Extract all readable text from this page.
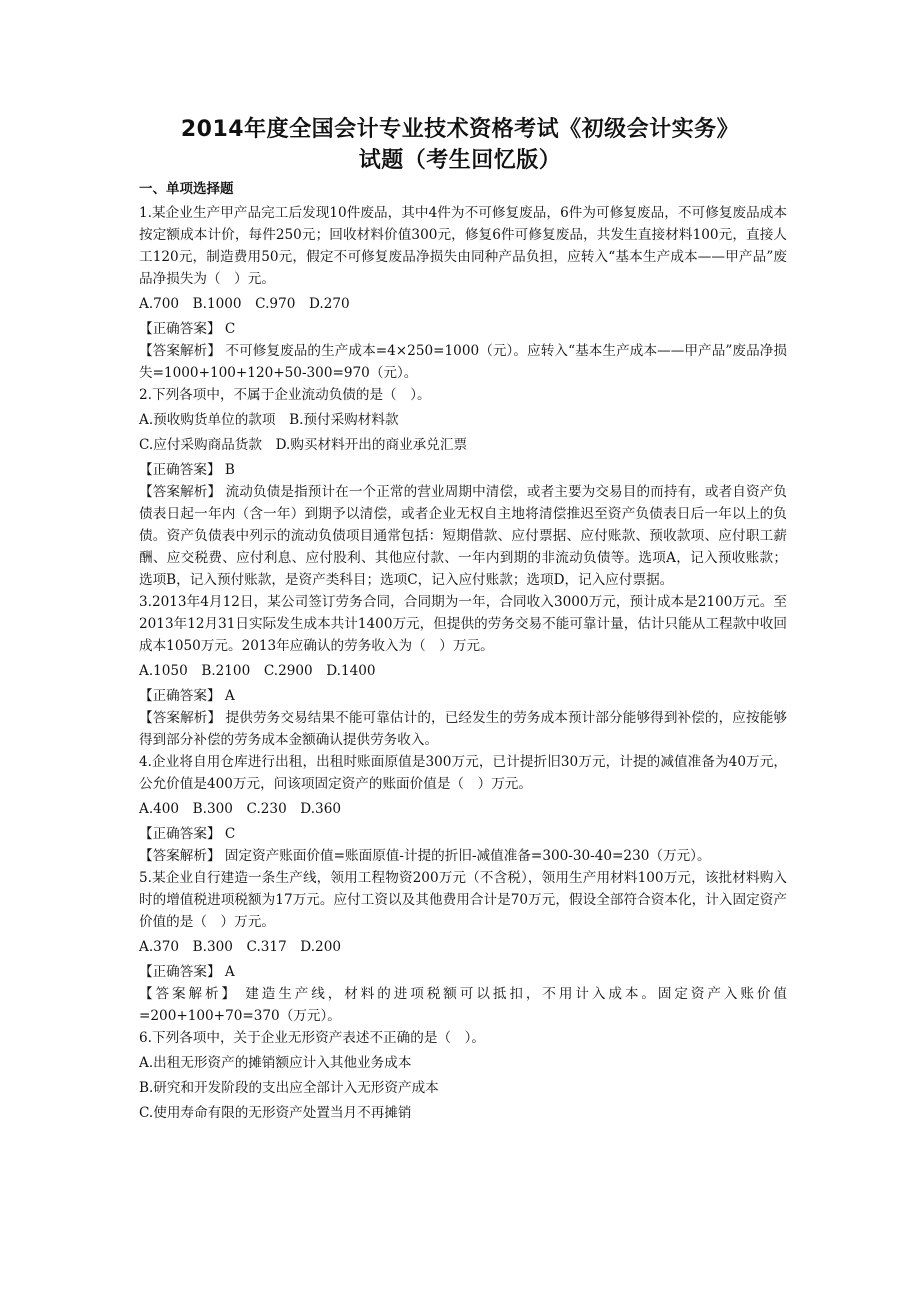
2014年度全国会计专业技术资格考试《初级会计实务》
试题（考生回忆版）

一、单项选择题

1.某企业生产甲产品完工后发现10件废品，其中4件为不可修复废品，6件为可修复废品，不可修复废品成本按定额成本计价，每件250元；回收材料价值300元，修复6件可修复废品，共发生直接材料100元，直接人工120元，制造费用50元，假定不可修复废品净损失由同种产品负担，应转入“基本生产成本——甲产品”废品净损失为（　）元。

A.700　B.1000　C.970　D.270

【正确答案】 C

【答案解析】 不可修复废品的生产成本=4×250=1000（元）。应转入“基本生产成本——甲产品”废品净损失=1000+100+120+50-300=970（元）。

2.下列各项中，不属于企业流动负债的是（　）。

A.预收购货单位的款项　B.预付采购材料款

C.应付采购商品货款　D.购买材料开出的商业承兑汇票

【正确答案】 B

【答案解析】 流动负债是指预计在一个正常的营业周期中清偿，或者主要为交易目的而持有，或者自资产负债表日起一年内（含一年）到期予以清偿，或者企业无权自主地将清偿推迟至资产负债表日后一年以上的负债。资产负债表中列示的流动负债项目通常包括：短期借款、应付票据、应付账款、预收款项、应付职工薪酬、应交税费、应付利息、应付股利、其他应付款、一年内到期的非流动负债等。选项A，记入预收账款；选项B，记入预付账款，是资产类科目；选项C，记入应付账款；选项D，记入应付票据。

3.2013年4月12日，某公司签订劳务合同，合同期为一年，合同收入3000万元，预计成本是2100万元。至2013年12月31日实际发生成本共计1400万元，但提供的劳务交易不能可靠计量，估计只能从工程款中收回成本1050万元。2013年应确认的劳务收入为（　）万元。

A.1050　B.2100　C.2900　D.1400

【正确答案】 A

【答案解析】 提供劳务交易结果不能可靠估计的，已经发生的劳务成本预计部分能够得到补偿的，应按能够得到部分补偿的劳务成本金额确认提供劳务收入。

4.企业将自用仓库进行出租，出租时账面原值是300万元，已计提折旧30万元，计提的减值准备为40万元，公允价值是400万元，问该项固定资产的账面价值是（　）万元。

A.400　B.300　C.230　D.360

【正确答案】 C

【答案解析】 固定资产账面价值=账面原值-计提的折旧-减值准备=300-30-40=230（万元）。

5.某企业自行建造一条生产线，领用工程物资200万元（不含税），领用生产用材料100万元，该批材料购入时的增值税进项税额为17万元。应付工资以及其他费用合计是70万元，假设全部符合资本化，计入固定资产价值的是（　）万元。

A.370　B.300　C.317　D.200

【正确答案】 A

【答案解析】 建造生产线，材料的进项税额可以抵扣，不用计入成本。固定资产入账价值=200+100+70=370（万元）。

6.下列各项中，关于企业无形资产表述不正确的是（　）。

A.出租无形资产的摊销额应计入其他业务成本

B.研究和开发阶段的支出应全部计入无形资产成本

C.使用寿命有限的无形资产处置当月不再摊销
